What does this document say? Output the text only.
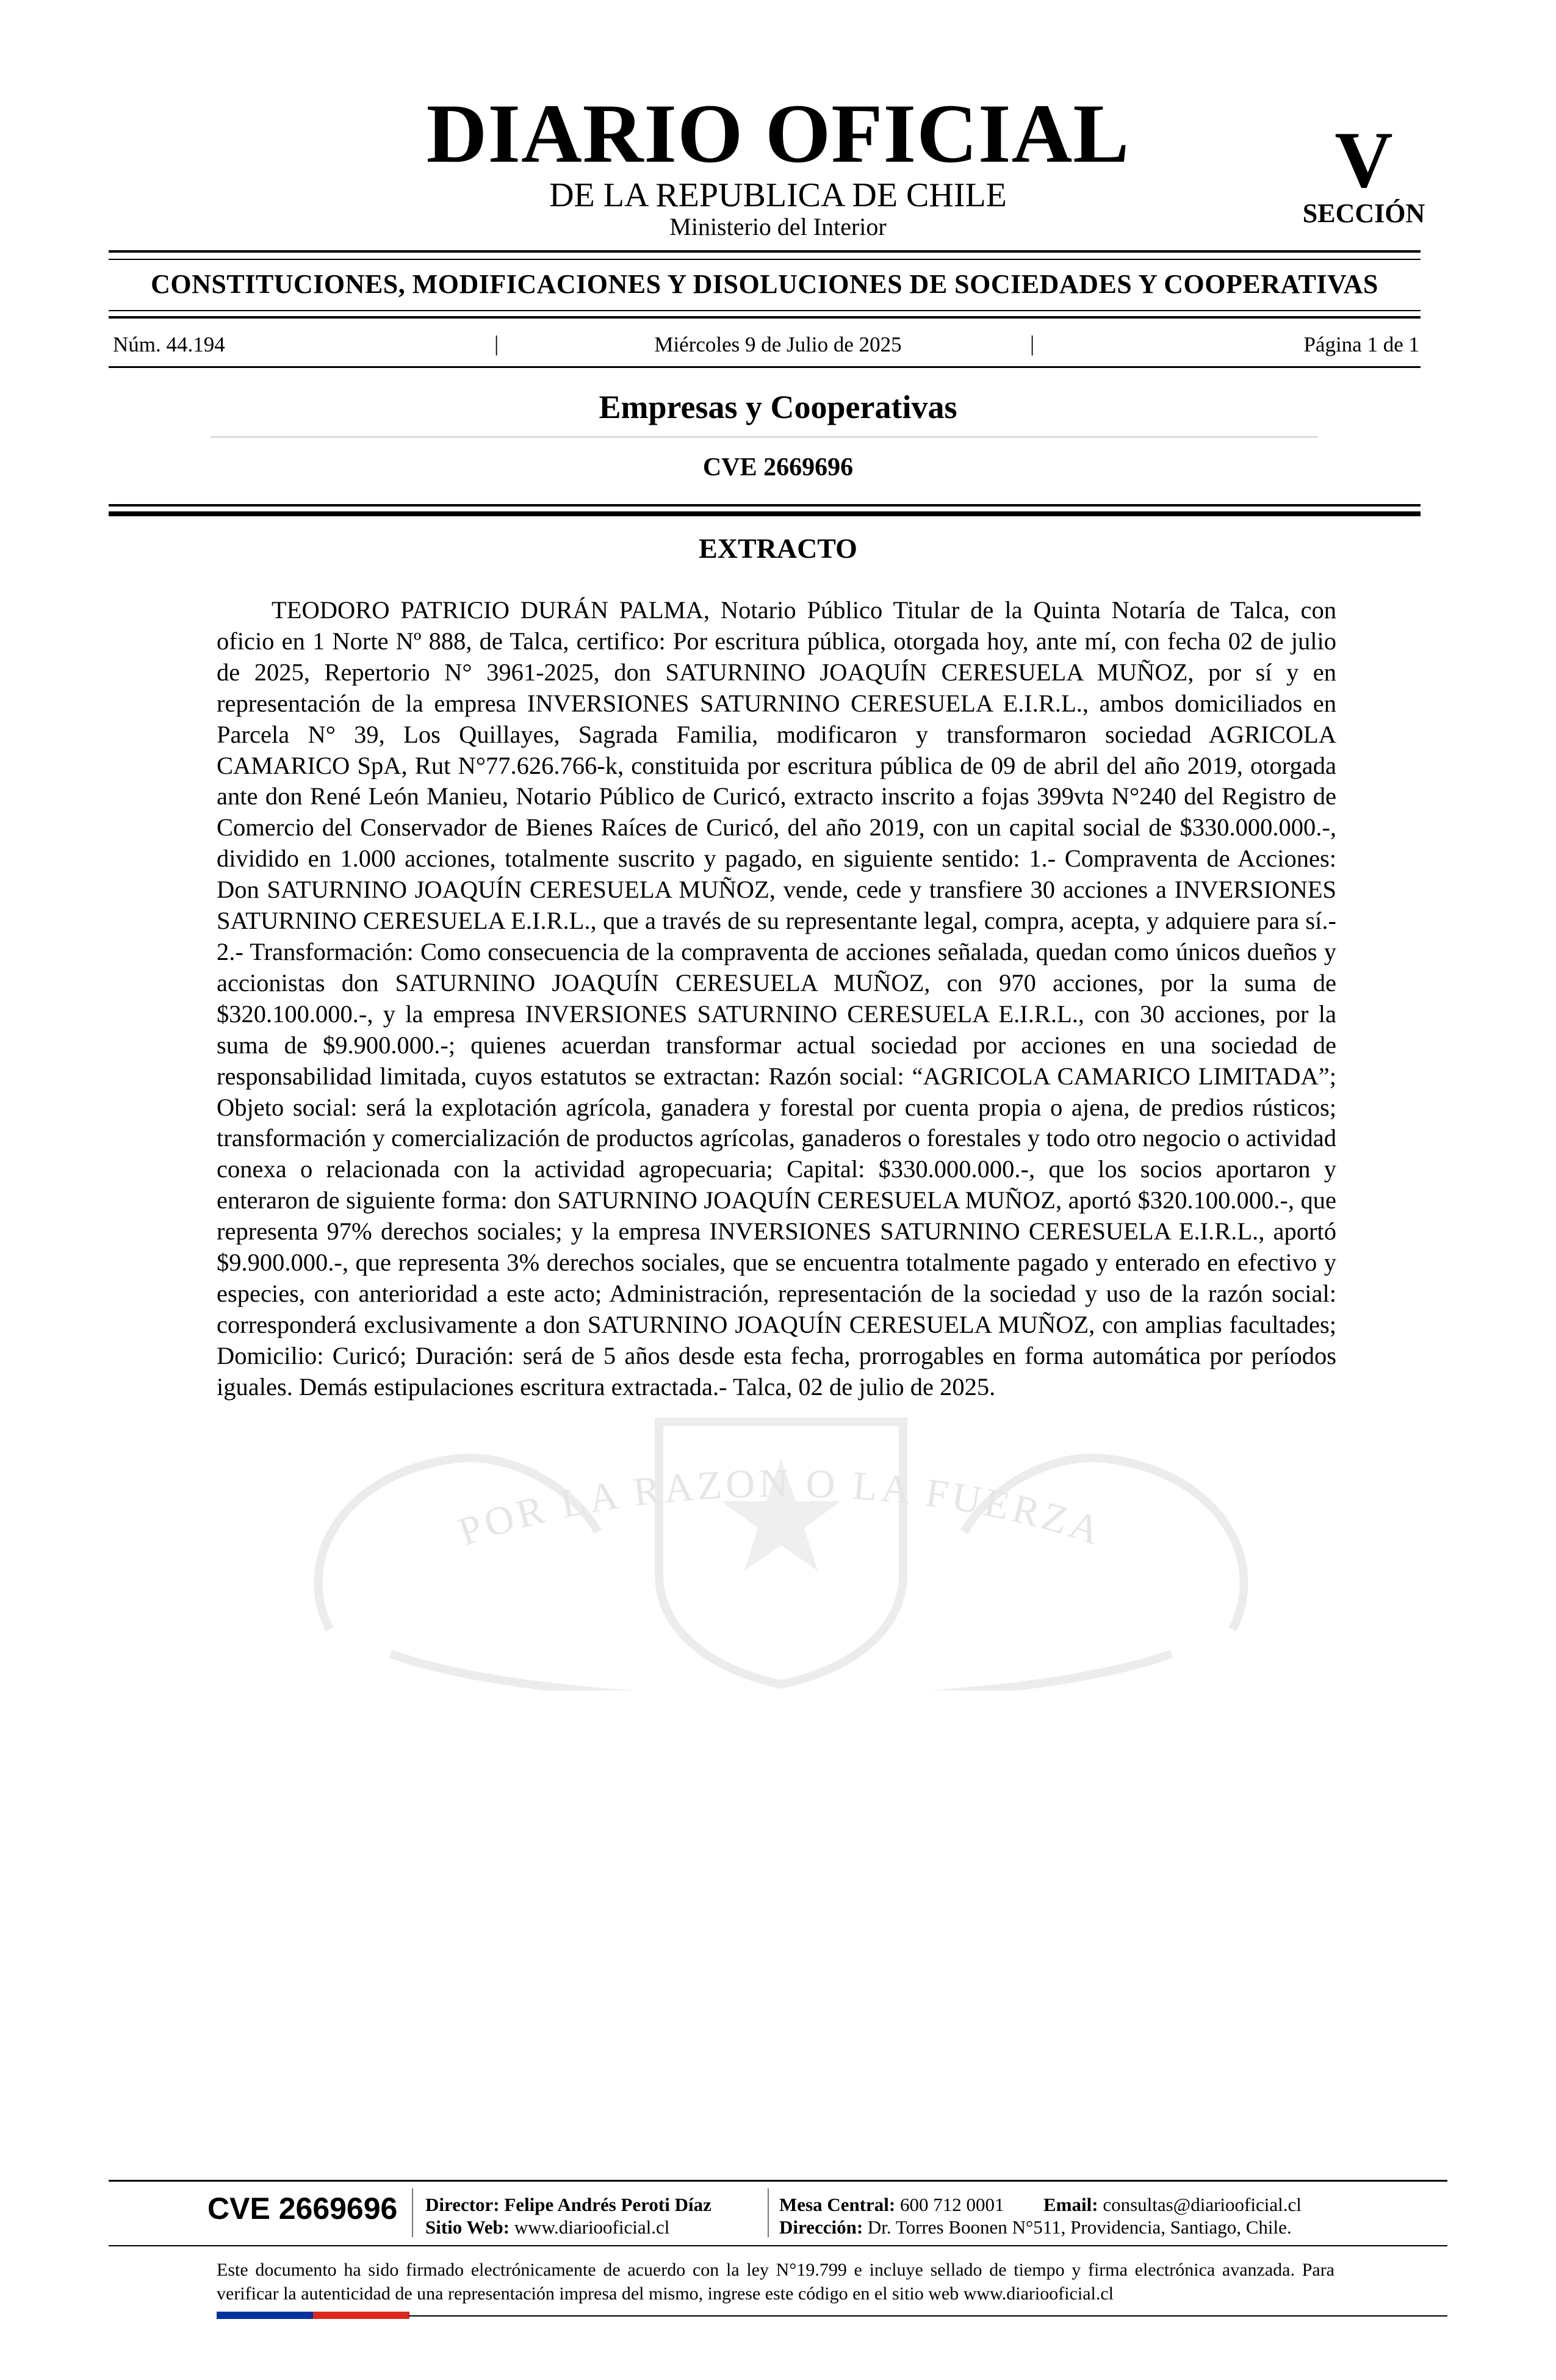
DIARIO OFICIAL
DE LA REPUBLICA DE CHILE
Ministerio del Interior
V
SECCIÓN
CONSTITUCIONES, MODIFICACIONES Y DISOLUCIONES DE SOCIEDADES Y COOPERATIVAS
Núm. 44.194	|	Miércoles 9 de Julio de 2025	|	Página 1 de 1
Empresas y Cooperativas
CVE 2669696
POR LA RAZON O LA FUERZA
EXTRACTO

TEODORO PATRICIO DURÁN PALMA, Notario Público Titular de la Quinta Notaría de Talca, con oficio en 1 Norte Nº 888, de Talca, certifico: Por escritura pública, otorgada hoy, ante mí, con fecha 02 de julio de 2025, Repertorio N° 3961-2025, don SATURNINO JOAQUÍN CERESUELA MUÑOZ, por sí y en representación de la empresa INVERSIONES SATURNINO CERESUELA E.I.R.L., ambos domiciliados en Parcela N° 39, Los Quillayes, Sagrada Familia, modificaron y transformaron sociedad AGRICOLA CAMARICO SpA, Rut N°77.626.766-k, constituida por escritura pública de 09 de abril del año 2019, otorgada ante don René León Manieu, Notario Público de Curicó, extracto inscrito a fojas 399vta N°240 del Registro de Comercio del Conservador de Bienes Raíces de Curicó, del año 2019, con un capital social de $330.000.000.-, dividido en 1.000 acciones, totalmente suscrito y pagado, en siguiente sentido: 1.- Compraventa de Acciones: Don SATURNINO JOAQUÍN CERESUELA MUÑOZ, vende, cede y transfiere 30 acciones a INVERSIONES SATURNINO CERESUELA E.I.R.L., que a través de su representante legal, compra, acepta, y adquiere para sí.- 2.- Transformación: Como consecuencia de la compraventa de acciones señalada, quedan como únicos dueños y accionistas don SATURNINO JOAQUÍN CERESUELA MUÑOZ, con 970 acciones, por la suma de $320.100.000.-, y la empresa INVERSIONES SATURNINO CERESUELA E.I.R.L., con 30 acciones, por la suma de $9.900.000.-; quienes acuerdan transformar actual sociedad por acciones en una sociedad de responsabilidad limitada, cuyos estatutos se extractan: Razón social: “AGRICOLA CAMARICO LIMITADA”; Objeto social: será la explotación agrícola, ganadera y forestal por cuenta propia o ajena, de predios rústicos; transformación y comercialización de productos agrícolas, ganaderos o forestales y todo otro negocio o actividad conexa o relacionada con la actividad agropecuaria; Capital: $330.000.000.-, que los socios aportaron y enteraron de siguiente forma: don SATURNINO JOAQUÍN CERESUELA MUÑOZ, aportó $320.100.000.-, que representa 97% derechos sociales; y la empresa INVERSIONES SATURNINO CERESUELA E.I.R.L., aportó $9.900.000.-, que representa 3% derechos sociales, que se encuentra totalmente pagado y enterado en efectivo y especies, con anterioridad a este acto; Administración, representación de la sociedad y uso de la razón social: corresponderá exclusivamente a don SATURNINO JOAQUÍN CERESUELA MUÑOZ, con amplias facultades; Domicilio: Curicó; Duración: será de 5 años desde esta fecha, prorrogables en forma automática por períodos iguales. Demás estipulaciones escritura extractada.- Talca, 02 de julio de 2025.

CVE 2669696 Director: Felipe Andrés Peroti Díaz
Sitio Web: www.diariooficial.cl
Mesa Central: 600 712 0001 Email: consultas@diariooficial.cl
Dirección: Dr. Torres Boonen N°511, Providencia, Santiago, Chile.

Este documento ha sido firmado electrónicamente de acuerdo con la ley N°19.799 e incluye sellado de tiempo y firma electrónica avanzada. Para verificar la autenticidad de una representación impresa del mismo, ingrese este código en el sitio web www.diariooficial.cl
